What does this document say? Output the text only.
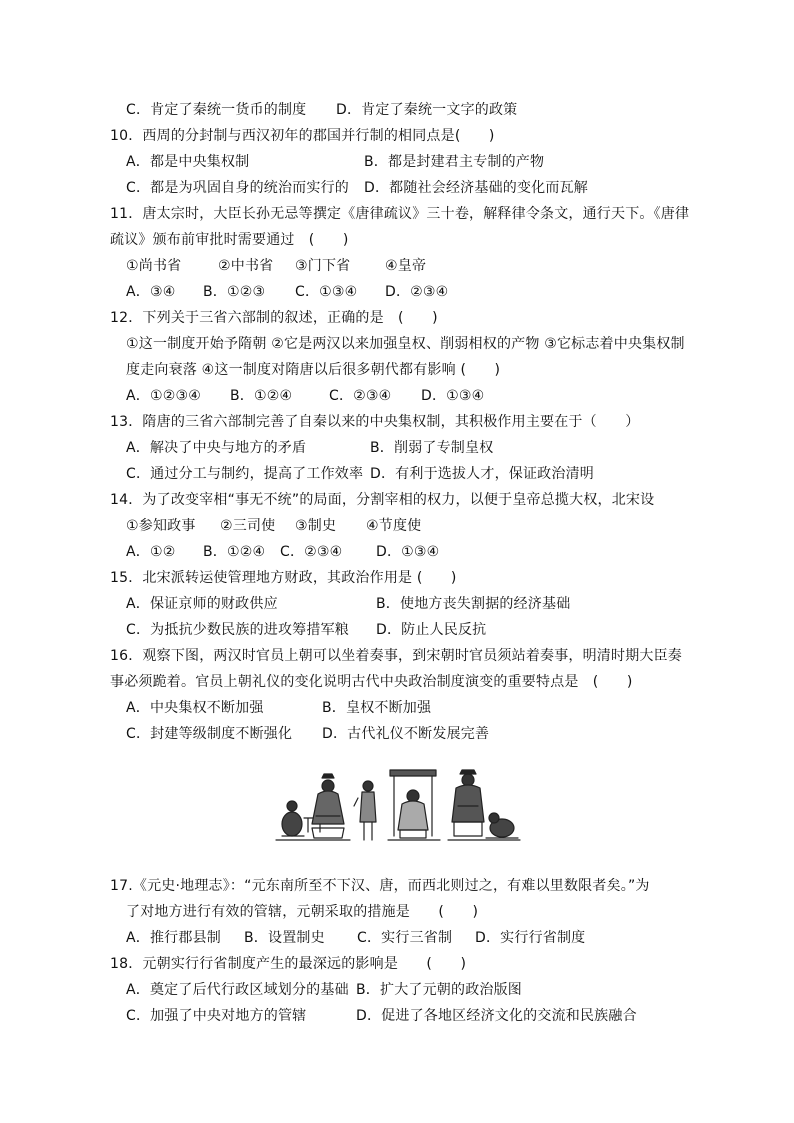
C．肯定了秦统一货币的制度 D．肯定了秦统一文字的政策
10．西周的分封制与西汉初年的郡国并行制的相同点是(　　)
A．都是中央集权制	B．都是封建君主专制的产物
C．都是为巩固自身的统治而实行的 D．都随社会经济基础的变化而瓦解
11．唐太宗时，大臣长孙无忌等撰定《唐律疏议》三十卷，解释律令条文，通行天下。《唐律
疏议》颁布前审批时需要通过　(　　)
①尚书省	②中书省 ③门下省 ④皇帝
A．③④ B．①②③ C．①③④ D．②③④
12．下列关于三省六部制的叙述，正确的是　(　　)
①这一制度开始予隋朝 ②它是两汉以来加强皇权、削弱相权的产物 ③它标志着中央集权制
度走向衰落 ④这一制度对隋唐以后很多朝代都有影响 (　　)
A．①②③④ B．①②④	C．②③④ D．①③④
13．隋唐的三省六部制完善了自秦以来的中央集权制，其积极作用主要在于（　　）
A．解决了中央与地方的矛盾	B．削弱了专制皇权
C．通过分工与制约，提高了工作效率 D．有利于选拔人才，保证政治清明
14．为了改变宰相“事无不统”的局面，分割宰相的权力，以便于皇帝总揽大权，北宋设
①参知政事 ②三司使 ③制史 ④节度使
A．①② B．①②④ C．②③④ D．①③④
15．北宋派转运使管理地方财政，其政治作用是 (　　)
A．保证京师的财政供应	B．使地方丧失割据的经济基础
C．为抵抗少数民族的进攻筹措军粮 D．防止人民反抗
16．观察下图，两汉时官员上朝可以坐着奏事，到宋朝时官员须站着奏事，明清时期大臣奏
事必须跪着。官员上朝礼仪的变化说明古代中央政治制度演变的重要特点是　(　　)
A．中央集权不断加强	B．皇权不断加强
C．封建等级制度不断强化 D．古代礼仪不断发展完善
17.《元史·地理志》：“元东南所至不下汉、唐，而西北则过之，有难以里数限者矣。”为
了对地方进行有效的管辖，元朝采取的措施是　　(　　)
A．推行郡县制 B．设置制史 C．实行三省制 D．实行行省制度
18．元朝实行行省制度产生的最深远的影响是　　(　　)
A．奠定了后代行政区域划分的基础 B．扩大了元朝的政治版图
C．加强了中央对地方的管辖	D．促进了各地区经济文化的交流和民族融合
